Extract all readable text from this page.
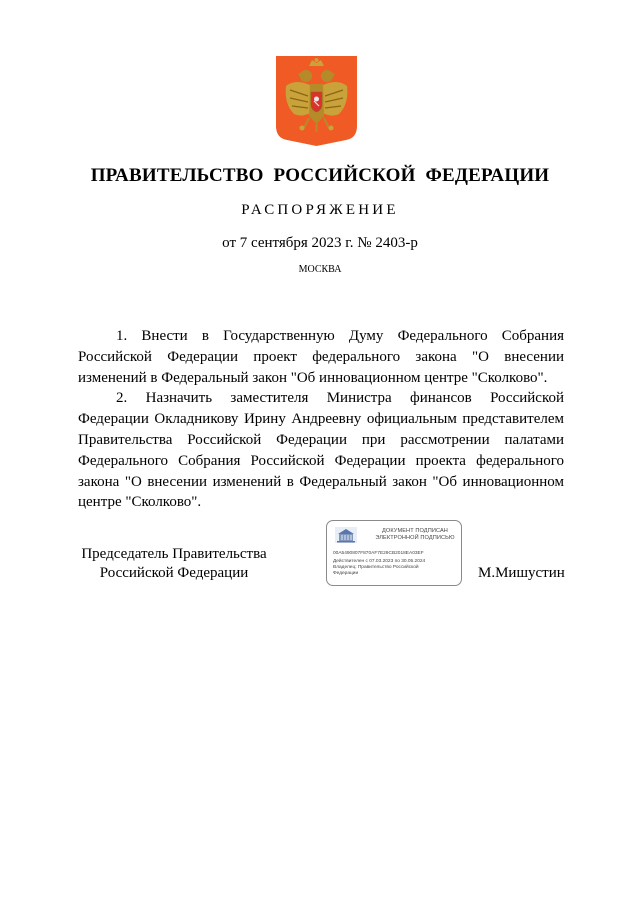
ПРАВИТЕЛЬСТВО  РОССИЙСКОЙ  ФЕДЕРАЦИИ
РАСПОРЯЖЕНИЕ
от 7 сентября 2023 г. № 2403-р
МОСКВА

1. Внести в Государственную Думу Федерального Собрания Российской Федерации проект федерального закона "О внесении изменений в Федеральный закон "Об инновационном центре "Сколково".

2. Назначить заместителя Министра финансов Российской Федерации Окладникову Ирину Андреевну официальным представителем Правительства Российской Федерации при рассмотрении палатами Федерального Собрания Российской Федерации проекта федерального закона "О внесении изменений в Федеральный закон "Об инновационном центре "Сколково".

Председатель Правительства
Российской Федерации
ДОКУМЕНТ ПОДПИСАН
ЭЛЕКТРОННОЙ ПОДПИСЬЮ
00A5490807F870AF7E29CB2018EA03EF
Действителен с 07.03.2023 по 30.05.2024
Владелец: Правительство Российской Федерации	М.Мишустин
